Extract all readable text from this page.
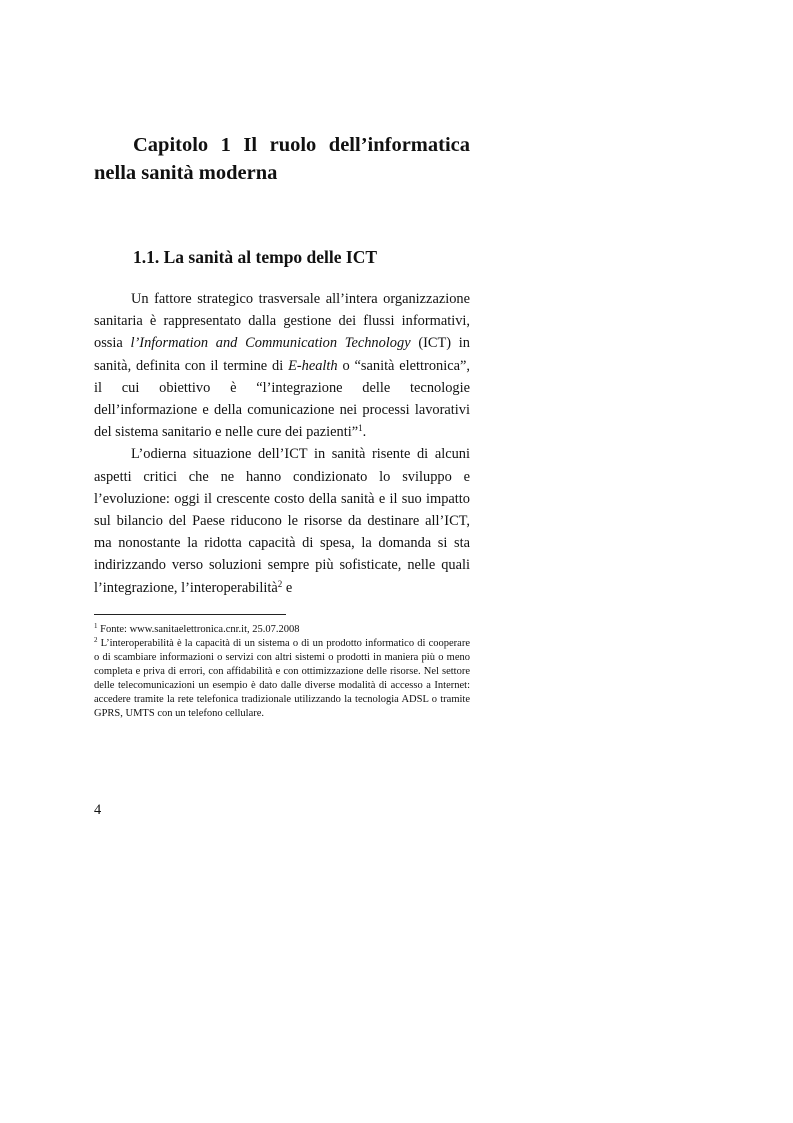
Capitolo 1 Il ruolo dell’informatica nella sanità moderna
1.1. La sanità al tempo delle ICT

Un fattore strategico trasversale all’intera organizzazione sanitaria è rappresentato dalla gestione dei flussi informativi, ossia l’Information and Communication Technology (ICT) in sanità, definita con il termine di E-health o “sanità elettronica”, il cui obiettivo è “l’integrazione delle tecnologie dell’informazione e della comunicazione nei processi lavorativi del sistema sanitario e nelle cure dei pazienti”$^1$.

L’odierna situazione dell’ICT in sanità risente di alcuni aspetti critici che ne hanno condizionato lo sviluppo e l’evoluzione: oggi il crescente costo della sanità e il suo impatto sul bilancio del Paese riducono le risorse da destinare all’ICT, ma nonostante la ridotta capacità di spesa, la domanda si sta indirizzando verso soluzioni sempre più sofisticate, nelle quali l’integrazione, l’interoperabilità$^2$ e

$^1$ Fonte: www.sanitaelettronica.cnr.it, 25.07.2008

$^2$ L’interoperabilità è la capacità di un sistema o di un prodotto informatico di cooperare o di scambiare informazioni o servizi con altri sistemi o prodotti in maniera più o meno completa e priva di errori, con affidabilità e con ottimizzazione delle risorse. Nel settore delle telecomunicazioni un esempio è dato dalle diverse modalità di accesso a Internet: accedere tramite la rete telefonica tradizionale utilizzando la tecnologia ADSL o tramite GPRS, UMTS con un telefono cellulare.

4
